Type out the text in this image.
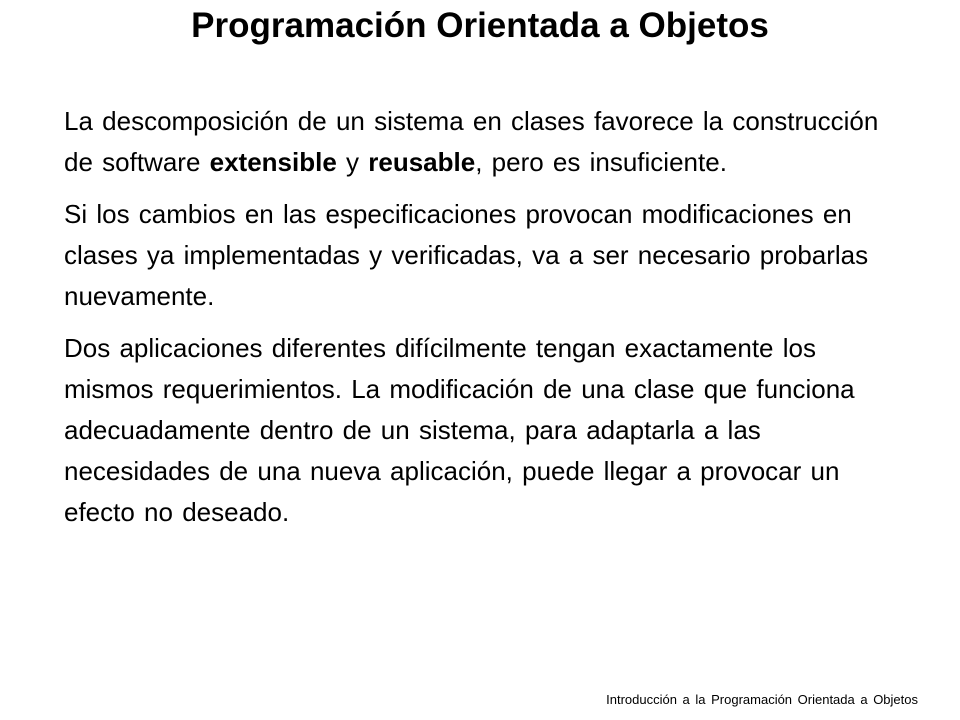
Programación Orientada a Objetos

La descomposición de un sistema en clases favorece la construcción de software extensible y reusable, pero es insuficiente.

Si los cambios en las especificaciones provocan modificaciones en clases ya implementadas y verificadas, va a ser necesario probarlas nuevamente.

Dos aplicaciones diferentes difícilmente tengan exactamente los mismos requerimientos. La modificación de una clase que funciona adecuadamente dentro de un sistema, para adaptarla a las necesidades de una nueva aplicación, puede llegar a provocar un efecto no deseado.

Introducción a la Programación Orientada a Objetos
